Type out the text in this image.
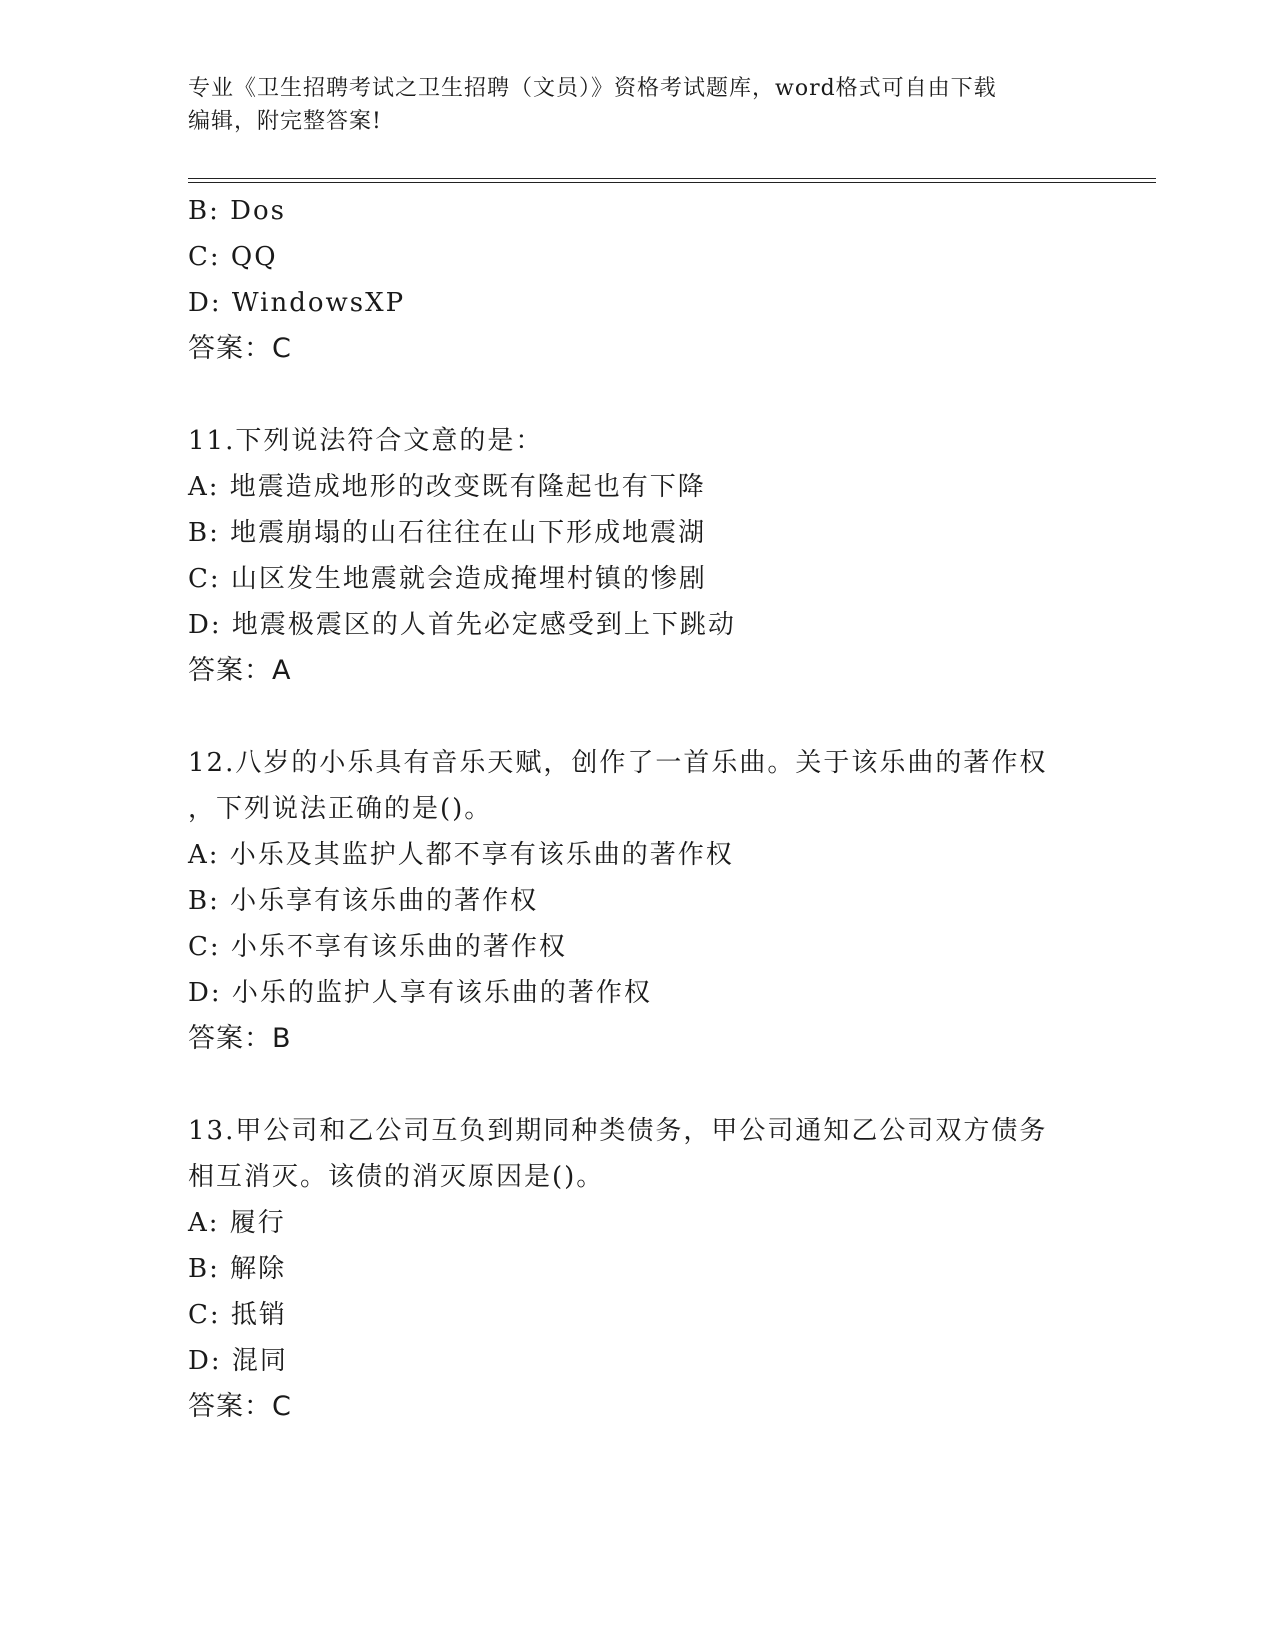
专业《卫生招聘考试之卫生招聘（文员）》资格考试题库，word格式可自由下载
编辑，附完整答案!
B: Dos
C: QQ
D: WindowsXP
答案：C
11.下列说法符合文意的是：
A: 地震造成地形的改变既有隆起也有下降
B: 地震崩塌的山石往往在山下形成地震湖
C: 山区发生地震就会造成掩埋村镇的惨剧
D: 地震极震区的人首先必定感受到上下跳动
答案：A
12.八岁的小乐具有音乐天赋，创作了一首乐曲。关于该乐曲的著作权
，下列说法正确的是()。
A: 小乐及其监护人都不享有该乐曲的著作权
B: 小乐享有该乐曲的著作权
C: 小乐不享有该乐曲的著作权
D: 小乐的监护人享有该乐曲的著作权
答案：B
13.甲公司和乙公司互负到期同种类债务，甲公司通知乙公司双方债务
相互消灭。该债的消灭原因是()。
A: 履行
B: 解除
C: 抵销
D: 混同
答案：C
